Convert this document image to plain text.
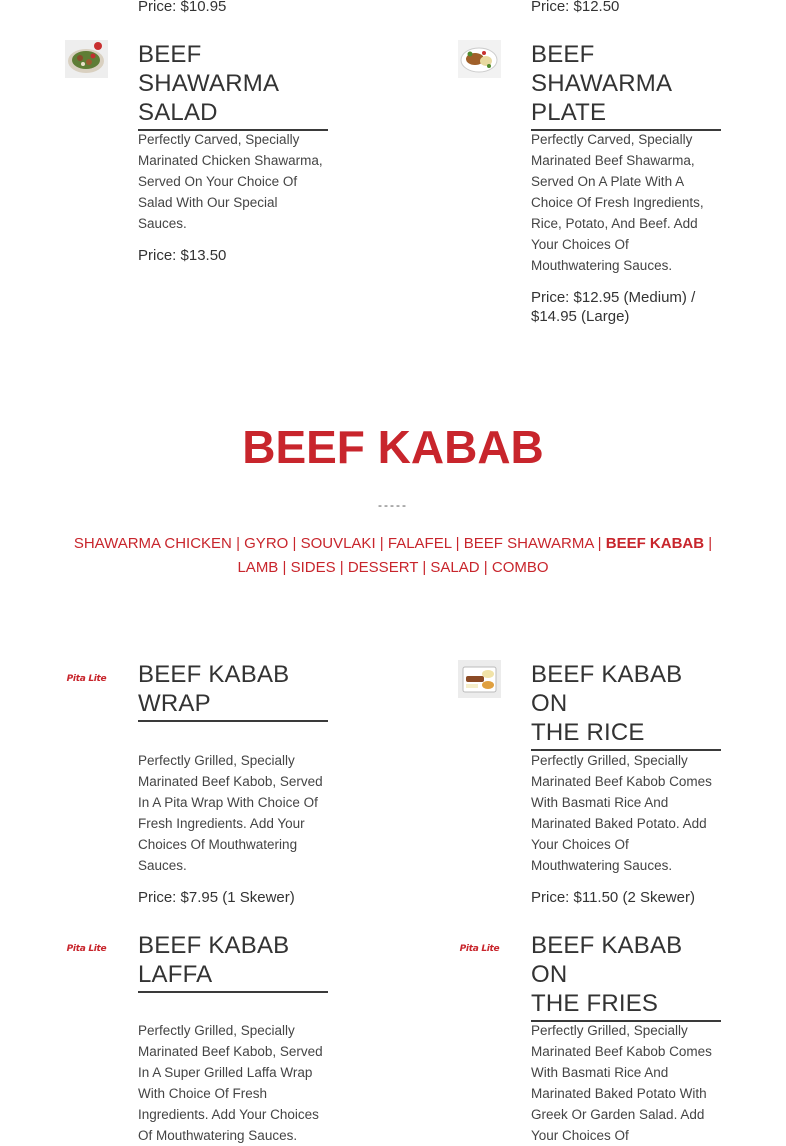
Price: $10.95	Price: $12.50
BEEF SHAWARMA
SALAD
Perfectly Carved, Specially Marinated Chicken Shawarma, Served On Your Choice Of Salad With Our Special Sauces.
Price: $13.50
BEEF SHAWARMA
PLATE
Perfectly Carved, Specially Marinated Beef Shawarma, Served On A Plate With A Choice Of Fresh Ingredients, Rice, Potato, And Beef. Add Your Choices Of Mouthwatering Sauces.
Price: $12.95 (Medium) / $14.95 (Large)
BEEF KABAB
-----
SHAWARMA CHICKEN | GYRO | SOUVLAKI | FALAFEL | BEEF SHAWARMA | BEEF KABAB | LAMB | SIDES | DESSERT | SALAD | COMBO
Pita Lite BEEF KABAB
WRAP
Perfectly Grilled, Specially Marinated Beef Kabob, Served In A Pita Wrap With Choice Of Fresh Ingredients. Add Your Choices Of Mouthwatering Sauces.
Price: $7.95 (1 Skewer)
BEEF KABAB ON
THE RICE
Perfectly Grilled, Specially Marinated Beef Kabob Comes With Basmati Rice And Marinated Baked Potato. Add Your Choices Of Mouthwatering Sauces.
Price: $11.50 (2 Skewer)
Pita Lite BEEF KABAB
LAFFA
Perfectly Grilled, Specially Marinated Beef Kabob, Served In A Super Grilled Laffa Wrap With Choice Of Fresh Ingredients. Add Your Choices Of Mouthwatering Sauces.
Pita Lite BEEF KABAB ON
THE FRIES
Perfectly Grilled, Specially Marinated Beef Kabob Comes With Basmati Rice And Marinated Baked Potato With Greek Or Garden Salad. Add Your Choices Of
